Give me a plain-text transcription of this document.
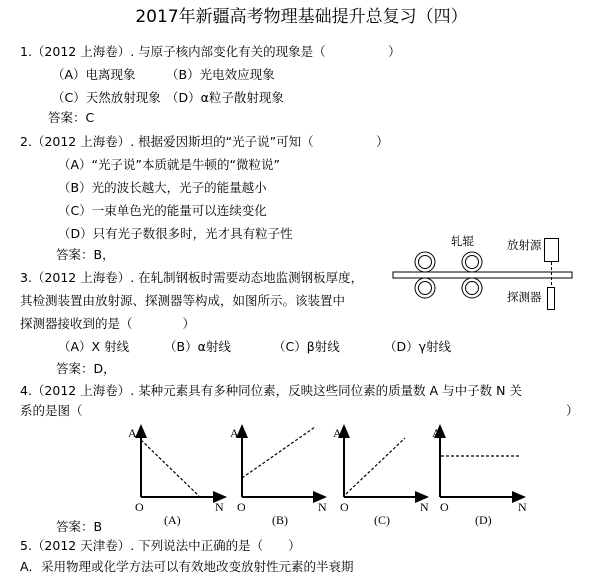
2017年新疆高考物理基础提升总复习（四）
1.（2012 上海卷）. 与原子核内部变化有关的现象是（　　　　　）
（A）电离现象 （B）光电效应现象
（C）天然放射现象 （D）α粒子散射现象
答案：C
2.（2012 上海卷）. 根据爱因斯坦的“光子说”可知（　　　　　）
（A）“光子说”本质就是牛顿的“微粒说”
（B）光的波长越大，光子的能量越小
（C）一束单色光的能量可以连续变化
（D）只有光子数很多时，光才具有粒子性
答案：B，
3.（2012 上海卷）. 在轧制钢板时需要动态地监测钢板厚度，
其检测装置由放射源、探测器等构成，如图所示。该装置中
探测器接收到的是（　　　　）
（A）X 射线	（B）α射线	（C）β射线	（D）γ射线
答案：D，
轧辊	放射源
探测器
4.（2012 上海卷）. 某种元素具有多种同位素，反映这些同位素的质量数 A 与中子数 N 关
系的是图（	）
A
O	N
(A)
A
O	N
(B)
A
O	N
(C)
A
O	N
(D)
答案：B
5.（2012 天津卷）. 下列说法中正确的是（　　）
A．采用物理或化学方法可以有效地改变放射性元素的半衰期
